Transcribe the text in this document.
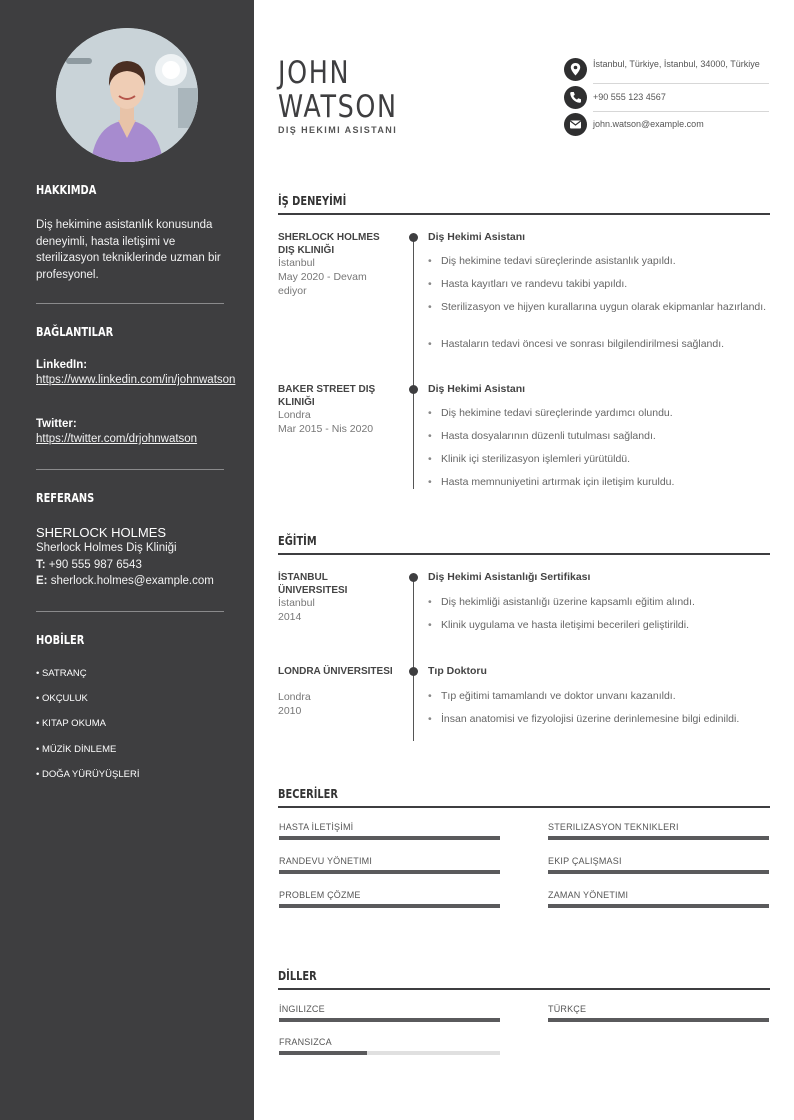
HAKKIMDA
Diş hekimine asistanlık konusunda deneyimli, hasta iletişimi ve sterilizasyon tekniklerinde uzman bir profesyonel.
BAĞLANTILAR
LinkedIn:
https://www.linkedin.com/in/johnwatson
Twitter:
https://twitter.com/drjohnwatson
REFERANS
SHERLOCK HOLMES
Sherlock Holmes Diş Kliniği
T: +90 555 987 6543
E: sherlock.holmes@example.com
HOBİLER
• SATRANÇ
• OKÇULUK
• KITAP OKUMA
• MÜZİK DİNLEME
• DOĞA YÜRÜYÜŞLERİ
JOHN
WATSON
DIŞ HEKIMI ASISTANI
İstanbul, Türkiye, İstanbul, 34000, Türkiye
+90 555 123 4567
john.watson@example.com
İŞ DENEYİMİ
SHERLOCK HOLMES DIŞ KLINIĞI
İstanbul
May 2020 - Devam ediyor
Diş Hekimi Asistanı
• Diş hekimine tedavi süreçlerinde asistanlık yapıldı.
• Hasta kayıtları ve randevu takibi yapıldı.
• Sterilizasyon ve hijyen kurallarına uygun olarak ekipmanlar hazırlandı.
• Hastaların tedavi öncesi ve sonrası bilgilendirilmesi sağlandı.
BAKER STREET DIŞ KLINIĞI
Londra
Mar 2015 - Nis 2020
Diş Hekimi Asistanı
• Diş hekimine tedavi süreçlerinde yardımcı olundu.
• Hasta dosyalarının düzenli tutulması sağlandı.
• Klinik içi sterilizasyon işlemleri yürütüldü.
• Hasta memnuniyetini artırmak için iletişim kuruldu.
EĞİTİM
İSTANBUL ÜNIVERSITESI
İstanbul
2014
Diş Hekimi Asistanlığı Sertifikası
• Diş hekimliği asistanlığı üzerine kapsamlı eğitim alındı.
• Klinik uygulama ve hasta iletişimi becerileri geliştirildi.
LONDRA ÜNIVERSITESI
Londra
2010
Tıp Doktoru
• Tıp eğitimi tamamlandı ve doktor unvanı kazanıldı.
• İnsan anatomisi ve fizyolojisi üzerine derinlemesine bilgi edinildi.
BECERİLER
HASTA İLETİŞİMİ	STERILIZASYON TEKNIKLERI
RANDEVU YÖNETIMI	EKIP ÇALIŞMASI
PROBLEM ÇÖZME	ZAMAN YÖNETIMI
DİLLER
İNGILIZCE	TÜRKÇE
FRANSIZCA
